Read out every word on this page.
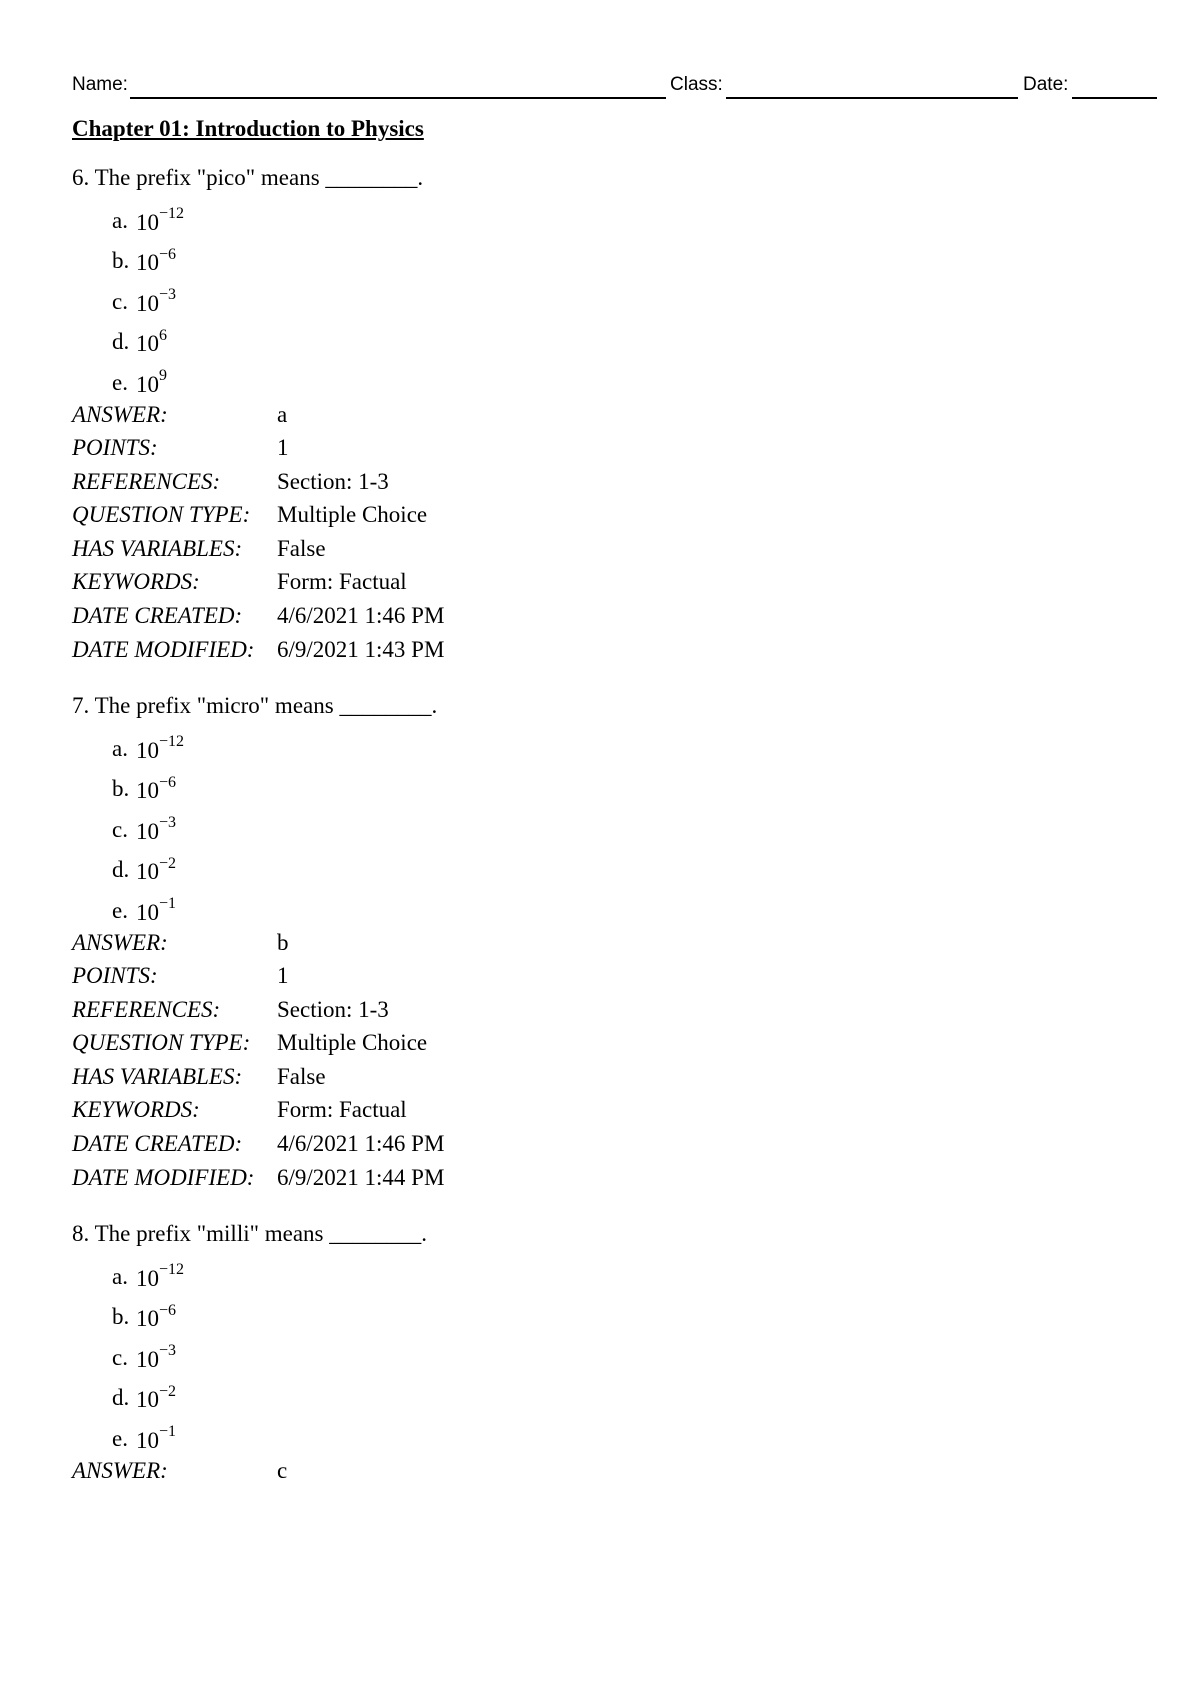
Name:	Class:	Date:
Chapter 01: Introduction to Physics
6. The prefix "pico" means ________.
a. $10^{-12}$
b. $10^{-6}$
c. $10^{-3}$
d. $10^6$
e. $10^9$
ANSWER:	a
POINTS:	1
REFERENCES: Section: 1-3
QUESTION TYPE: Multiple Choice
HAS VARIABLES: False
KEYWORDS:	Form: Factual
DATE CREATED: 4/6/2021 1:46 PM
DATE MODIFIED: 6/9/2021 1:43 PM
7. The prefix "micro" means ________.
a. $10^{-12}$
b. $10^{-6}$
c. $10^{-3}$
d. $10^{-2}$
e. $10^{-1}$
ANSWER:	b
POINTS:	1
REFERENCES: Section: 1-3
QUESTION TYPE: Multiple Choice
HAS VARIABLES: False
KEYWORDS:	Form: Factual
DATE CREATED: 4/6/2021 1:46 PM
DATE MODIFIED: 6/9/2021 1:44 PM
8. The prefix "milli" means ________.
a. $10^{-12}$
b. $10^{-6}$
c. $10^{-3}$
d. $10^{-2}$
e. $10^{-1}$
ANSWER:	c
